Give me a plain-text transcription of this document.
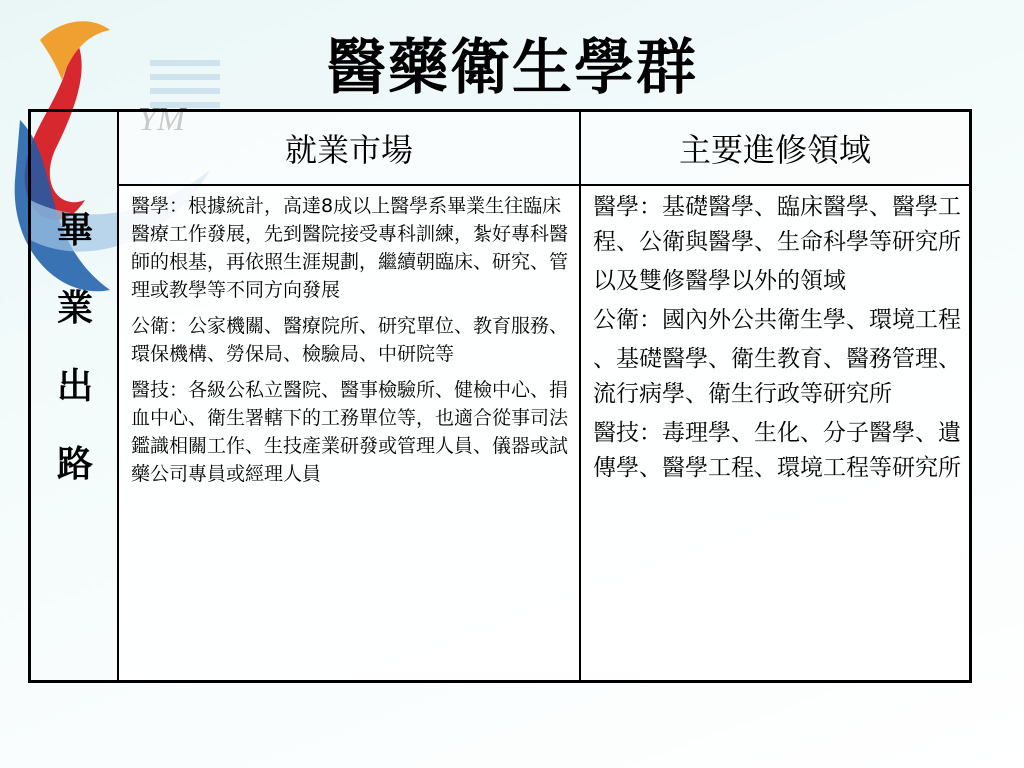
醫藥衛生學群
畢
業
出
路
就業市場	主要進修領域

醫學：根據統計，高達8成以上醫學系畢業生往臨床醫療工作發展，先到醫院接受專科訓練，紮好專科醫師的根基，再依照生涯規劃，繼續朝臨床、研究、管理或教學等不同方向發展

公衛：公家機關、醫療院所、研究單位、教育服務、環保機構、勞保局、檢驗局、中研院等

醫技：各級公私立醫院、醫事檢驗所、健檢中心、捐血中心、衛生署轄下的工務單位等，也適合從事司法鑑識相關工作、生技產業研發或管理人員、儀器或試藥公司專員或經理人員

醫學：基礎醫學、臨床醫學、醫學工程、公衛與醫學、生命科學等研究所

以及雙修醫學以外的領域

公衛：國內外公共衛生學、環境工程

、基礎醫學、衛生教育、醫務管理、流行病學、衛生行政等研究所

醫技：毒理學、生化、分子醫學、遺傳學、醫學工程、環境工程等研究所
